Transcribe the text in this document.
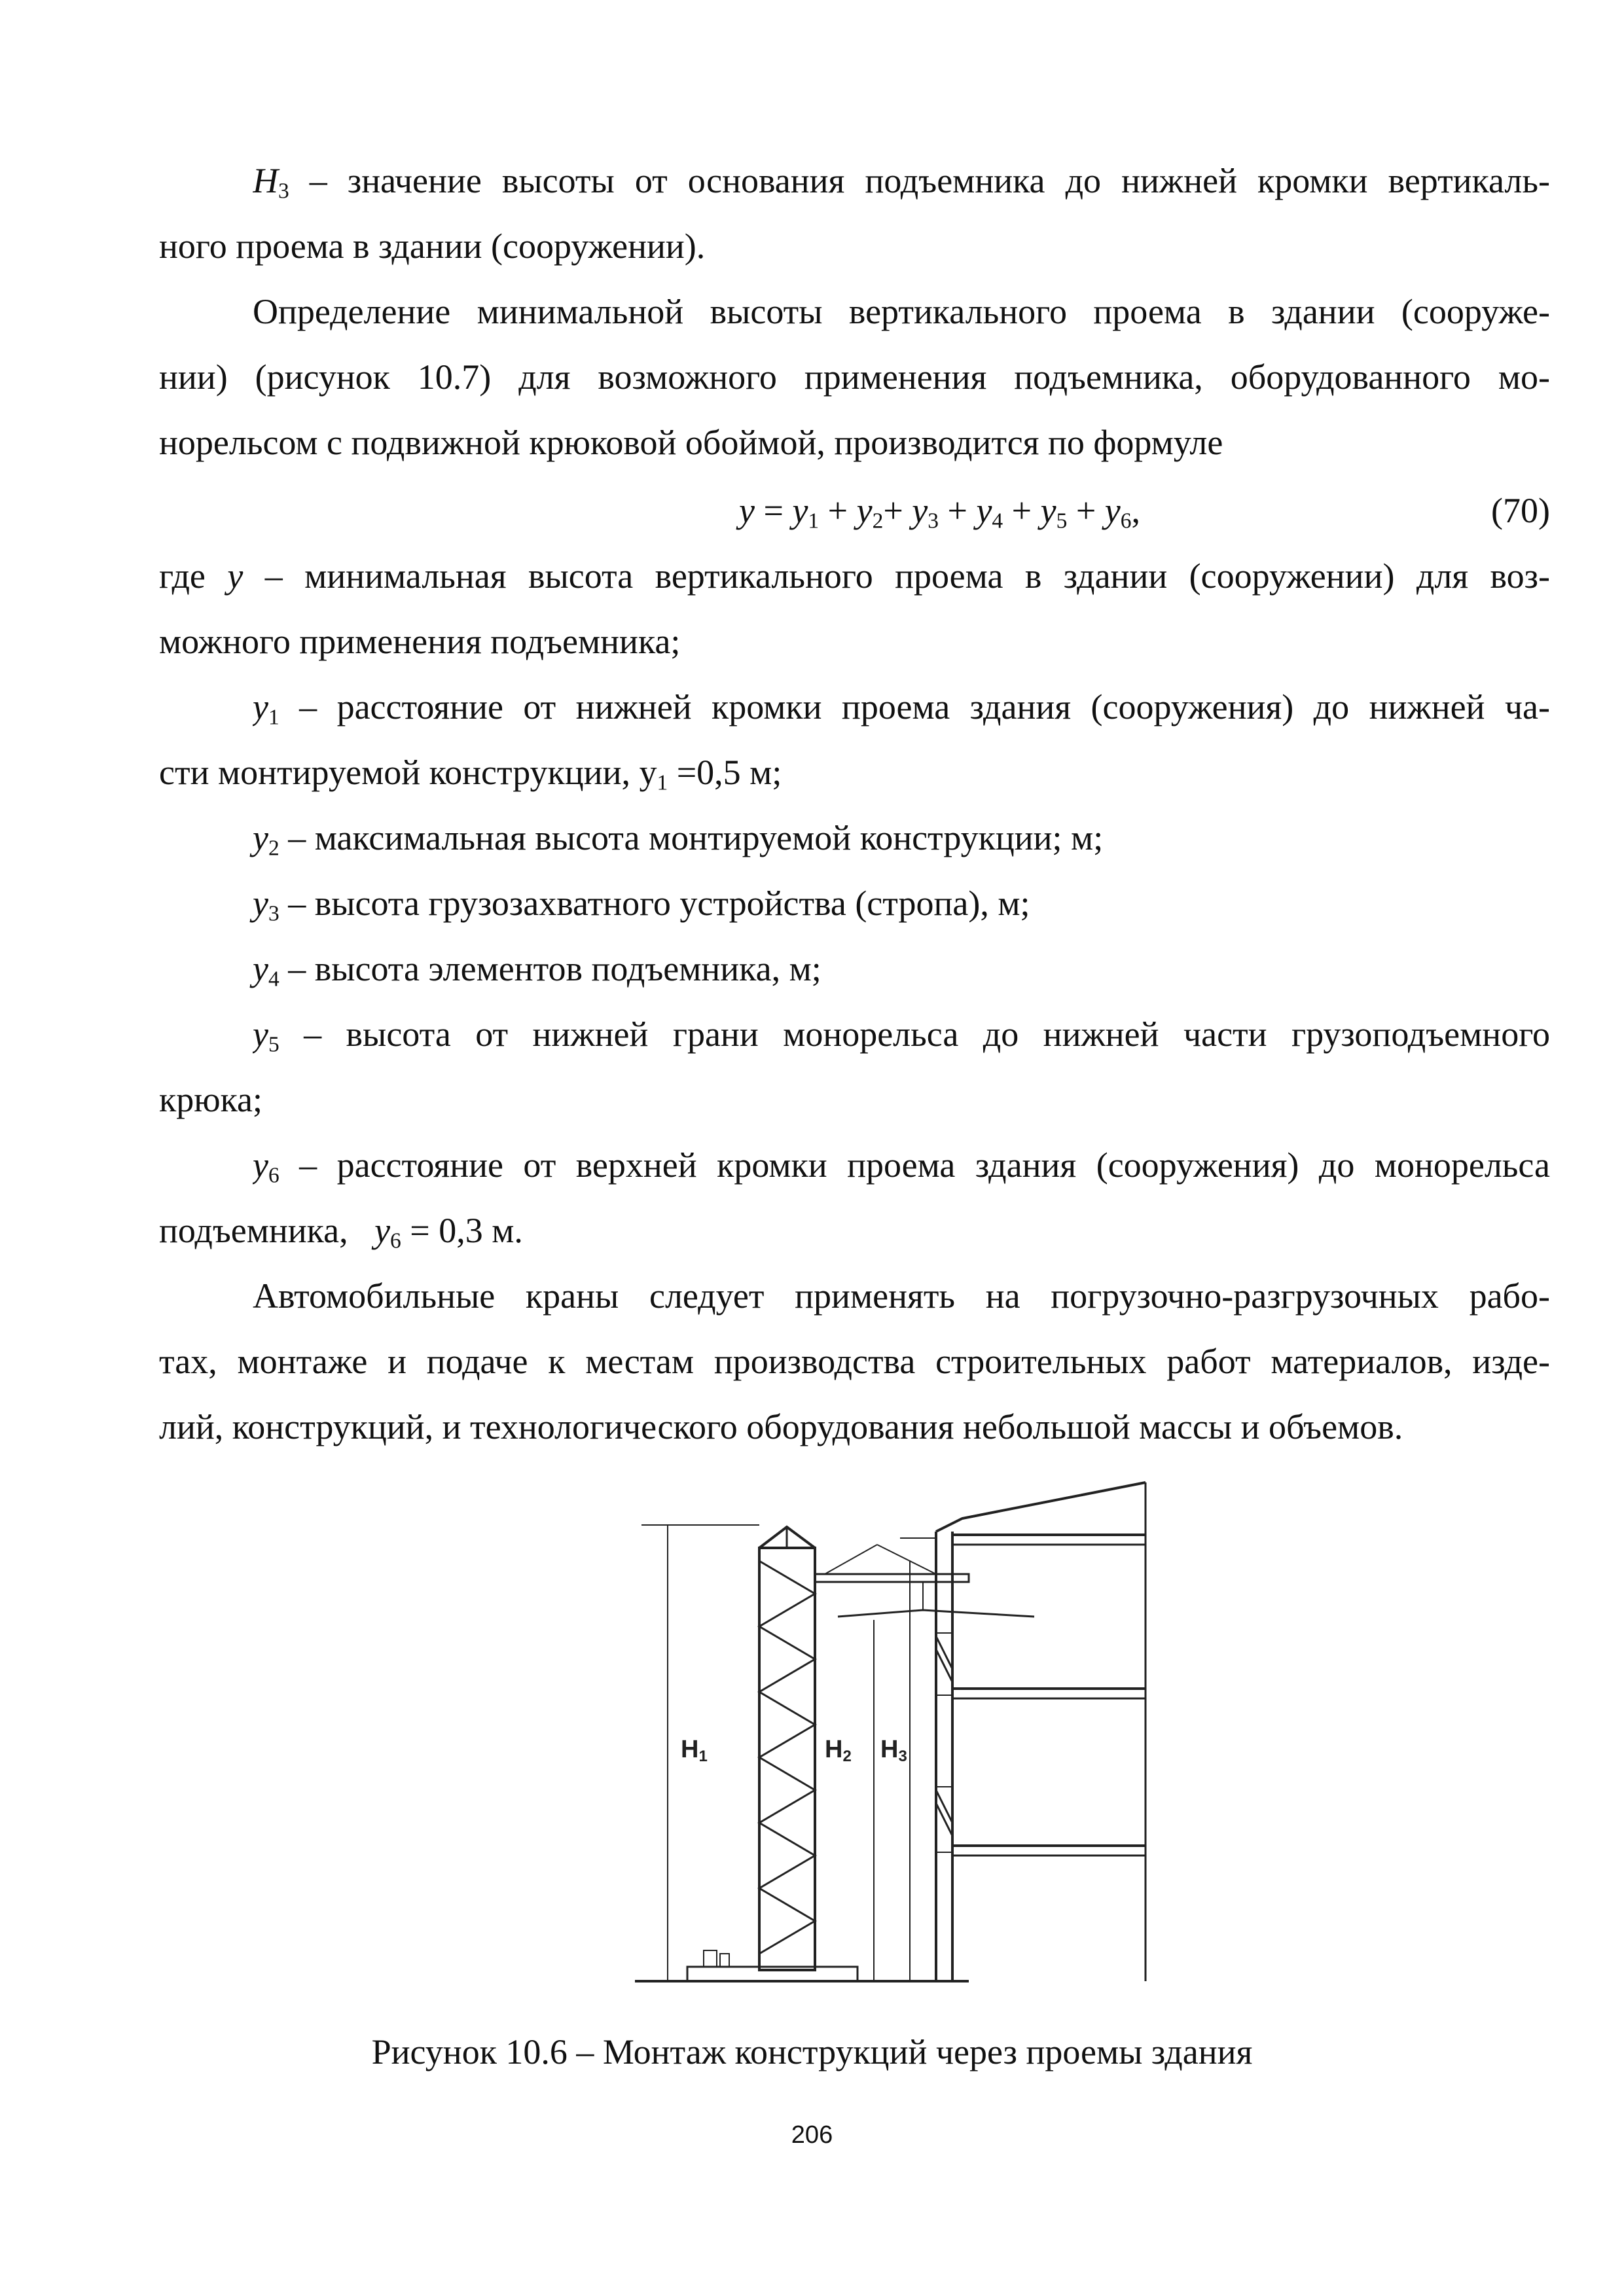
$H_3$ – значение высоты от основания подъемника до нижней кромки вертикаль-
ного проема в здании (сооружении).
Определение минимальной высоты вертикального проема в здании (сооруже-
нии) (рисунок 10.7) для возможного применения подъемника, оборудованного мо-
норельсом с подвижной крюковой обоймой, производится по формуле
$y = y_1 + y_2+ y_3 + y_4 + y_5 + y_6$,	(70)
где y – минимальная высота вертикального проема в здании (сооружении) для воз-
можного применения подъемника;
$y_1$ – расстояние от нижней кромки проема здания (сооружения) до нижней ча-
сти монтируемой конструкции, $y_1 =0,5$ м;
$y_2$ – максимальная высота монтируемой конструкции; м;
$y_3$ – высота грузозахватного устройства (стропа), м;
$y_4$ – высота элементов подъемника, м;
$y_5$ – высота от нижней грани монорельса до нижней части грузоподъемного
крюка;
$y_6$ – расстояние от верхней кромки проема здания (сооружения) до монорельса
подъемника,   $y_6 = 0,3$ м.
Автомобильные краны следует применять на погрузочно-разгрузочных рабо-
тах, монтаже и подаче к местам производства строительных работ материалов, изде-
лий, конструкций, и технологического оборудования небольшой массы и объемов.
H1	H2 H3
Рисунок 10.6 – Монтаж конструкций через проемы здания
206
